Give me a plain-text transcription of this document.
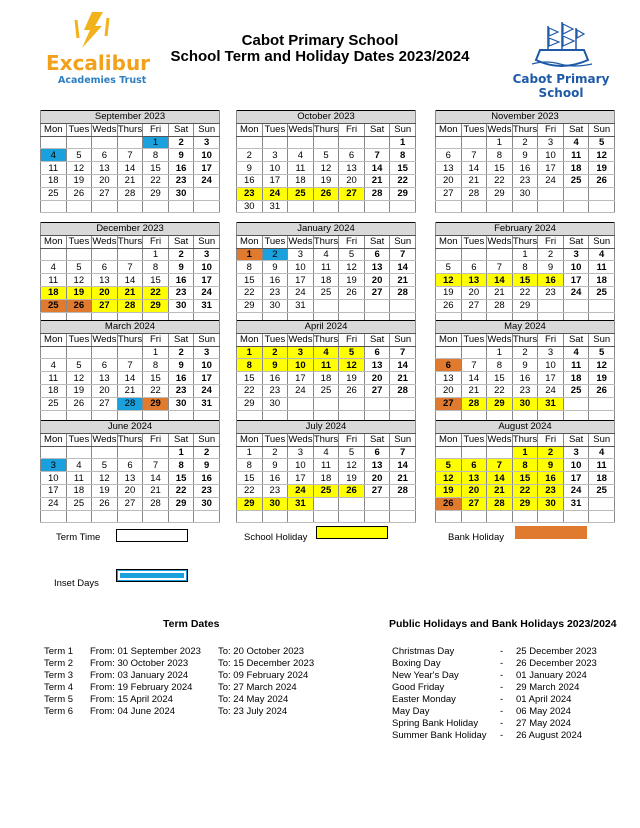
Excalibur
Academies Trust
Cabot Primary School
School Term and Holiday Dates 2023/2024
Cabot Primary School
September 2023						
Mon	Tues	Weds	Thurs	Fri	Sat	Sun
				1	2	3
4	5	6	7	8	9	10
11	12	13	14	15	16	17
18	19	20	21	22	23	24
25	26	27	28	29	30	

October 2023						
Mon	Tues	Weds	Thurs	Fri	Sat	Sun
						1
2	3	4	5	6	7	8
9	10	11	12	13	14	15
16	17	18	19	20	21	22
23	24	25	26	27	28	29
30	31					
November 2023						
Mon	Tues	Weds	Thurs	Fri	Sat	Sun
		1	2	3	4	5
6	7	8	9	10	11	12
13	14	15	16	17	18	19
20	21	22	23	24	25	26
27	28	29	30			

December 2023						
Mon	Tues	Weds	Thurs	Fri	Sat	Sun
				1	2	3
4	5	6	7	8	9	10
11	12	13	14	15	16	17
18	19	20	21	22	23	24
25	26	27	28	29	30	31

January 2024						
Mon	Tues	Weds	Thurs	Fri	Sat	Sun
1	2	3	4	5	6	7
8	9	10	11	12	13	14
15	16	17	18	19	20	21
22	23	24	25	26	27	28
29	30	31				

February 2024						
Mon	Tues	Weds	Thurs	Fri	Sat	Sun
			1	2	3	4
5	6	7	8	9	10	11
12	13	14	15	16	17	18
19	20	21	22	23	24	25
26	27	28	29			

March 2024						
Mon	Tues	Weds	Thurs	Fri	Sat	Sun
				1	2	3
4	5	6	7	8	9	10
11	12	13	14	15	16	17
18	19	20	21	22	23	24
25	26	27	28	29	30	31

April 2024						
Mon	Tues	Weds	Thurs	Fri	Sat	Sun
1	2	3	4	5	6	7
8	9	10	11	12	13	14
15	16	17	18	19	20	21
22	23	24	25	26	27	28
29	30					

May 2024						
Mon	Tues	Weds	Thurs	Fri	Sat	Sun
		1	2	3	4	5
6	7	8	9	10	11	12
13	14	15	16	17	18	19
20	21	22	23	24	25	26
27	28	29	30	31		

June 2024						
Mon	Tues	Weds	Thurs	Fri	Sat	Sun
					1	2
3	4	5	6	7	8	9
10	11	12	13	14	15	16
17	18	19	20	21	22	23
24	25	26	27	28	29	30

July 2024						
Mon	Tues	Weds	Thurs	Fri	Sat	Sun
1	2	3	4	5	6	7
8	9	10	11	12	13	14
15	16	17	18	19	20	21
22	23	24	25	26	27	28
29	30	31				

August 2024						
Mon	Tues	Weds	Thurs	Fri	Sat	Sun
			1	2	3	4
5	6	7	8	9	10	11
12	13	14	15	16	17	18
19	20	21	22	23	24	25
26	27	28	29	30	31	

Term Time	School Holiday	Bank Holiday
Inset Days
Term Dates
Term 1 From: 01 September 2023 To: 20 October 2023
Term 2 From: 30 October 2023	To: 15 December 2023
Term 3 From: 03 January 2024	To: 09 February 2024
Term 4 From: 19 February 2024	To: 27 March 2024
Term 5 From: 15 April 2024	To: 24 May 2024
Term 6 From: 04 June 2024	To: 23 July 2024
Public Holidays and Bank Holidays 2023/2024
Christmas Day	- 25 December 2023
Boxing Day	- 26 December 2023
New Year's Day	- 01 January 2024
Good Friday	- 29 March 2024
Easter Monday	- 01 April 2024
May Day	- 06 May 2024
Spring Bank Holiday - 27 May 2024
Summer Bank Holiday - 26 August 2024
